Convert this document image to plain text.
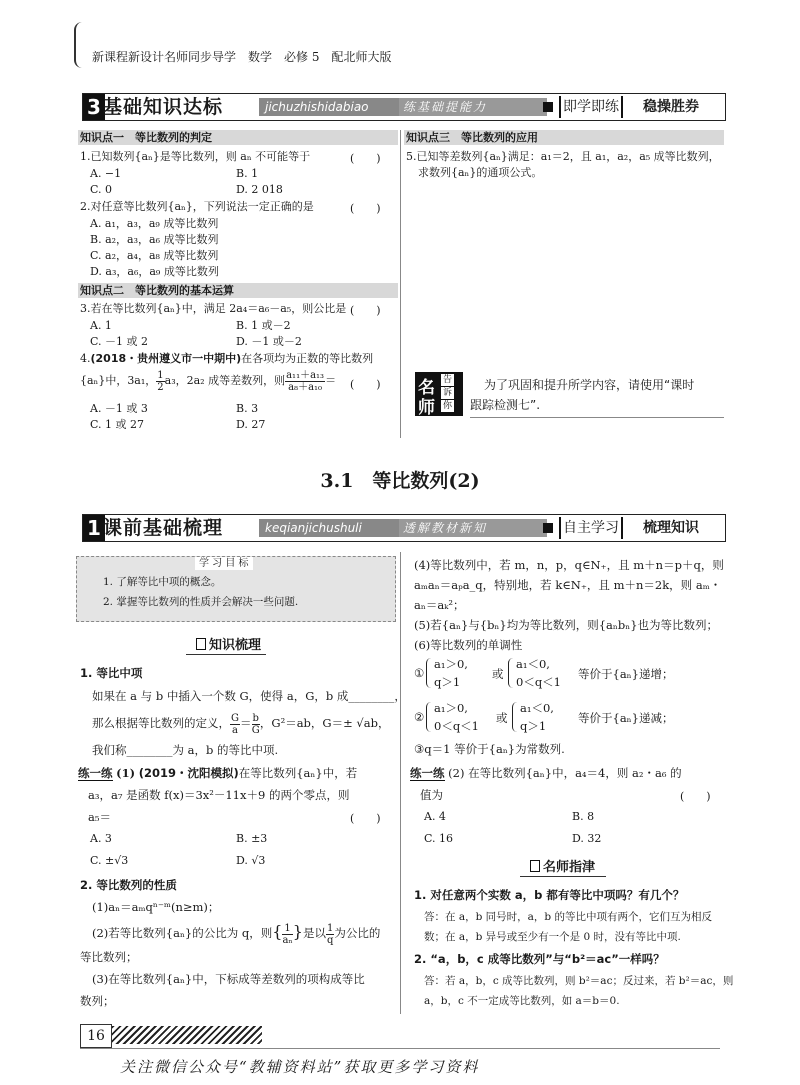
新课程新设计名师同步导学　数学　必修 5　配北师大版
3 基础知识达标	jichuzhishidabiao	练基础提能力	即学即练 稳操胜券
知识点一　等比数列的判定
1.已知数列{aₙ}是等比数列，则 aₙ 不可能等于	(　　)
A. −1	B. 1
C. 0	D. 2 018
2.对任意等比数列{aₙ}，下列说法一定正确的是	(　　)
A. a₁，a₃，a₉ 成等比数列
B. a₂，a₃，a₆ 成等比数列
C. a₂，a₄，a₈ 成等比数列
D. a₃，a₆，a₉ 成等比数列
知识点二　等比数列的基本运算
3.若在等比数列{aₙ}中，满足 2a₄＝a₆－a₅，则公比是 (　　)
A. 1	B. 1 或－2
C. －1 或 2	D. －1 或－2
4.(2018・贵州遵义市一中期中)在各项均为正数的等比数列
{aₙ}中，3a₁， $\frac{1}{2} a_3$，2a₂ 成等差数列，则 $\frac{\text{a₁₁＋a₁₃}}{\text{a₈＋a₁₀}}$ ＝ (　　)
A. －1 或 3	B. 3
C. 1 或 27	D. 27
知识点三　等比数列的应用
5.已知等差数列{aₙ}满足：a₁＝2，且 a₁，a₂，a₅ 成等比数列，
求数列{aₙ}的通项公式。
名
师
告
诉
你
为了巩固和提升所学内容，请使用“课时
跟踪检测七”.
3.1　等比数列(2)
1 课前基础梳理	keqianjichushuli	透解教材新知	自主学习 梳理知识
学 习 目 标
1. 了解等比中项的概念。
2. 掌握等比数列的性质并会解决一些问题.
知识梳理
1. 等比中项
如果在 a 与 b 中插入一个数 G，使得 a，G，b 成________，
那么根据等比数列的定义， $\frac{G}{a} = \frac{b}{G}$ ，G²＝ab，G＝± √ab，
我们称________为 a，b 的等比中项.
练一练 (1) (2019・沈阳模拟)在等比数列{aₙ}中，若
a₃，a₇ 是函数 f(x)＝3x²－11x＋9 的两个零点，则
a₅＝	(　　)
A. 3	B. ±3
C. ±√3	D. √3
2. 等比数列的性质
(1)aₙ＝aₘqⁿ⁻ᵐ(n≥m)；
(2)若等比数列{aₙ}的公比为 q，则{ $\frac{1}{\text{aₙ}}$ }是以 $\frac{1}{q}$ 为公比的
等比数列；
(3)在等比数列{aₙ}中，下标成等差数列的项构成等比
数列；
(4)等比数列中，若 m，n，p，q∈N₊，且 m＋n＝p＋q，则
aₘaₙ＝aₚa_q，特别地，若 k∈N₊，且 m＋n＝2k，则 aₘ・
aₙ＝aₖ²；
(5)若{aₙ}与{bₙ}均为等比数列，则{aₙbₙ}也为等比数列；
(6)等比数列的单调性
①
a₁＞0,
q＞1
或
a₁＜0,
0＜q＜1
等价于{aₙ}递增；
②
a₁＞0,
0＜q＜1
或
a₁＜0,
q＞1
等价于{aₙ}递减；
③q＝1 等价于{aₙ}为常数列.
练一练 (2) 在等比数列{aₙ}中，a₄＝4，则 a₂・a₆ 的
值为	(　　)
A. 4	B. 8
C. 16	D. 32
名师指津
1. 对任意两个实数 a，b 都有等比中项吗？有几个？
答：在 a，b 同号时，a，b 的等比中项有两个，它们互为相反
数；在 a，b 异号或至少有一个是 0 时，没有等比中项.
2. “a，b，c 成等比数列”与“b²＝ac”一样吗？
答：若 a，b，c 成等比数列，则 b²＝ac；反过来，若 b²＝ac，则
a，b，c 不一定成等比数列，如 a＝b＝0.
16
关注微信公众号“教辅资料站”获取更多学习资料
